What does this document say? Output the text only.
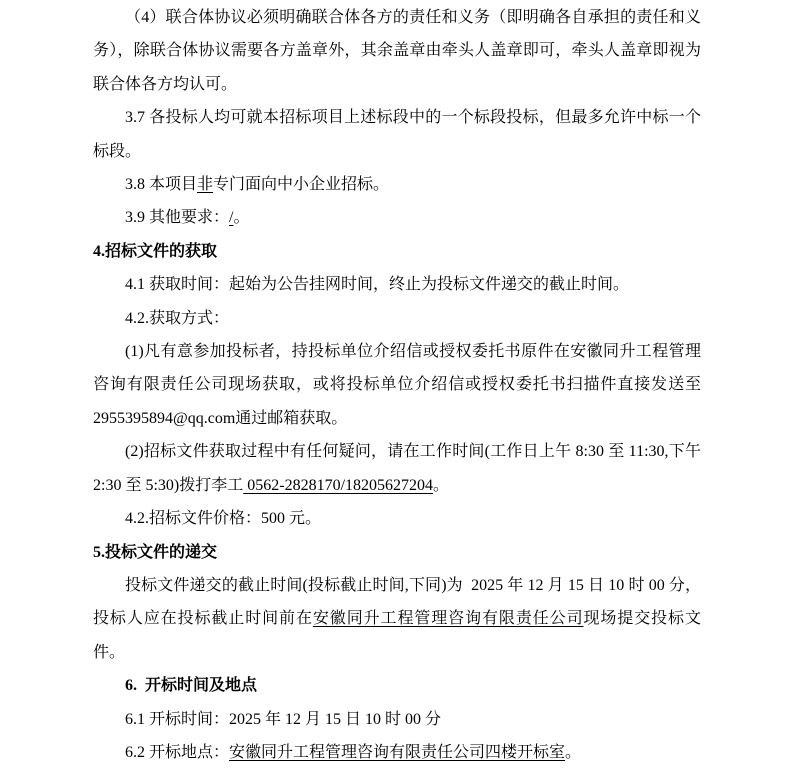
（4）联合体协议必须明确联合体各方的责任和义务（即明确各自承担的责任和义务），除联合体协议需要各方盖章外，其余盖章由牵头人盖章即可，牵头人盖章即视为联合体各方均认可。

3.7 各投标人均可就本招标项目上述标段中的一个标段投标，但最多允许中标一个标段。

3.8 本项目非专门面向中小企业招标。

3.9 其他要求：/。

4.招标文件的获取

4.1 获取时间：起始为公告挂网时间，终止为投标文件递交的截止时间。

4.2.获取方式：

(1)凡有意参加投标者，持投标单位介绍信或授权委托书原件在安徽同升工程管理咨询有限责任公司现场获取，或将投标单位介绍信或授权委托书扫描件直接发送至2955395894@qq.com通过邮箱获取。

(2)招标文件获取过程中有任何疑问，请在工作时间(工作日上午 8:30 至 11:30,下午 2:30 至 5:30)拨打李工 0562-2828170/18205627204。

4.2.招标文件价格：500 元。

5.投标文件的递交

投标文件递交的截止时间(投标截止时间,下同)为  2025 年 12 月 15 日 10 时 00 分，投标人应在投标截止时间前在安徽同升工程管理咨询有限责任公司现场提交投标文件。

6.  开标时间及地点

6.1 开标时间：2025 年 12 月 15 日 10 时 00 分

6.2 开标地点：安徽同升工程管理咨询有限责任公司四楼开标室。
